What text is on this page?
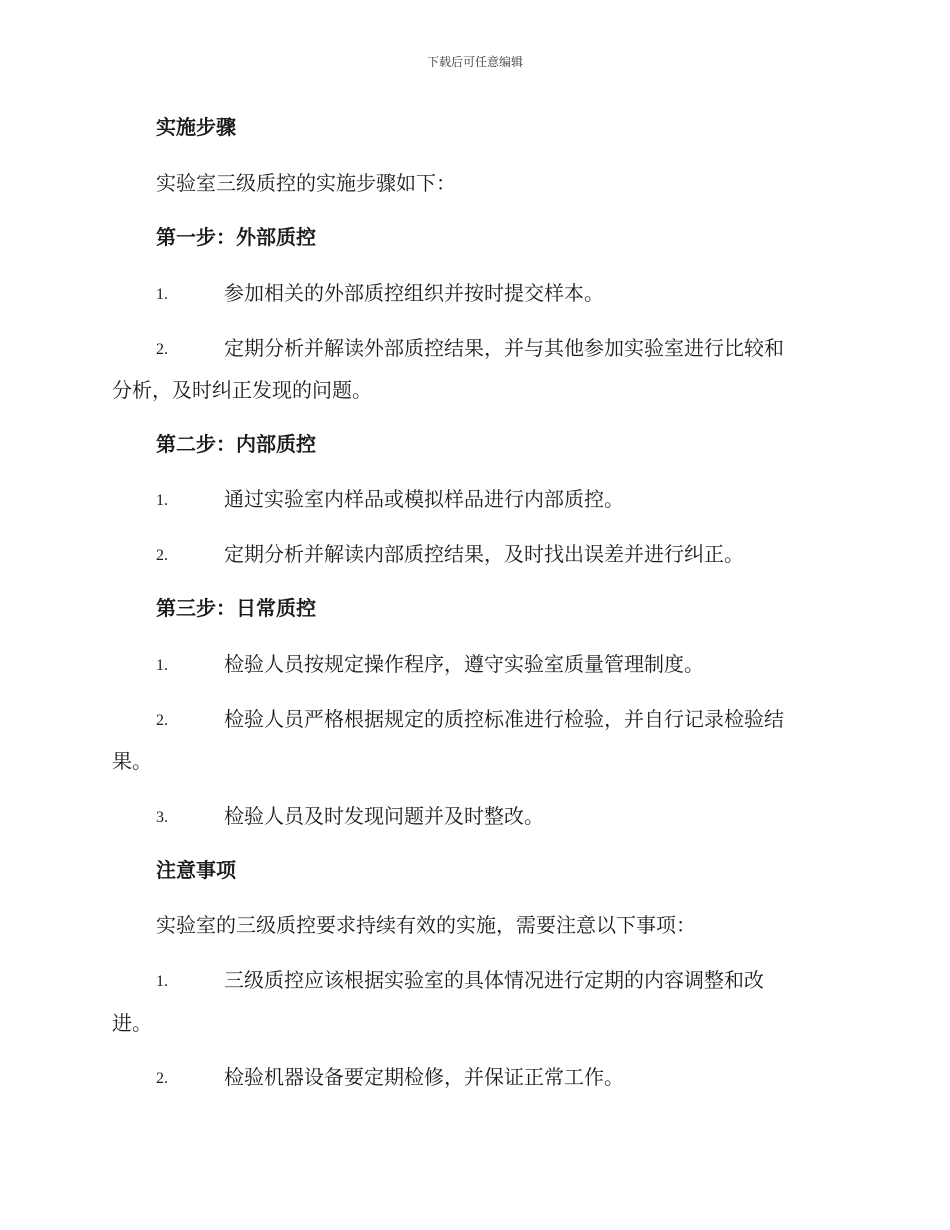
下载后可任意编辑
实施步骤
实验室三级质控的实施步骤如下：
第一步：外部质控
1.	参加相关的外部质控组织并按时提交样本。
2.	定期分析并解读外部质控结果，并与其他参加实验室进行比较和
分析，及时纠正发现的问题。
第二步：内部质控
1.	通过实验室内样品或模拟样品进行内部质控。
2.	定期分析并解读内部质控结果，及时找出误差并进行纠正。
第三步：日常质控
1.	检验人员按规定操作程序，遵守实验室质量管理制度。
2.	检验人员严格根据规定的质控标准进行检验，并自行记录检验结
果。
3.	检验人员及时发现问题并及时整改。
注意事项
实验室的三级质控要求持续有效的实施，需要注意以下事项：
1.	三级质控应该根据实验室的具体情况进行定期的内容调整和改
进。
2.	检验机器设备要定期检修，并保证正常工作。
